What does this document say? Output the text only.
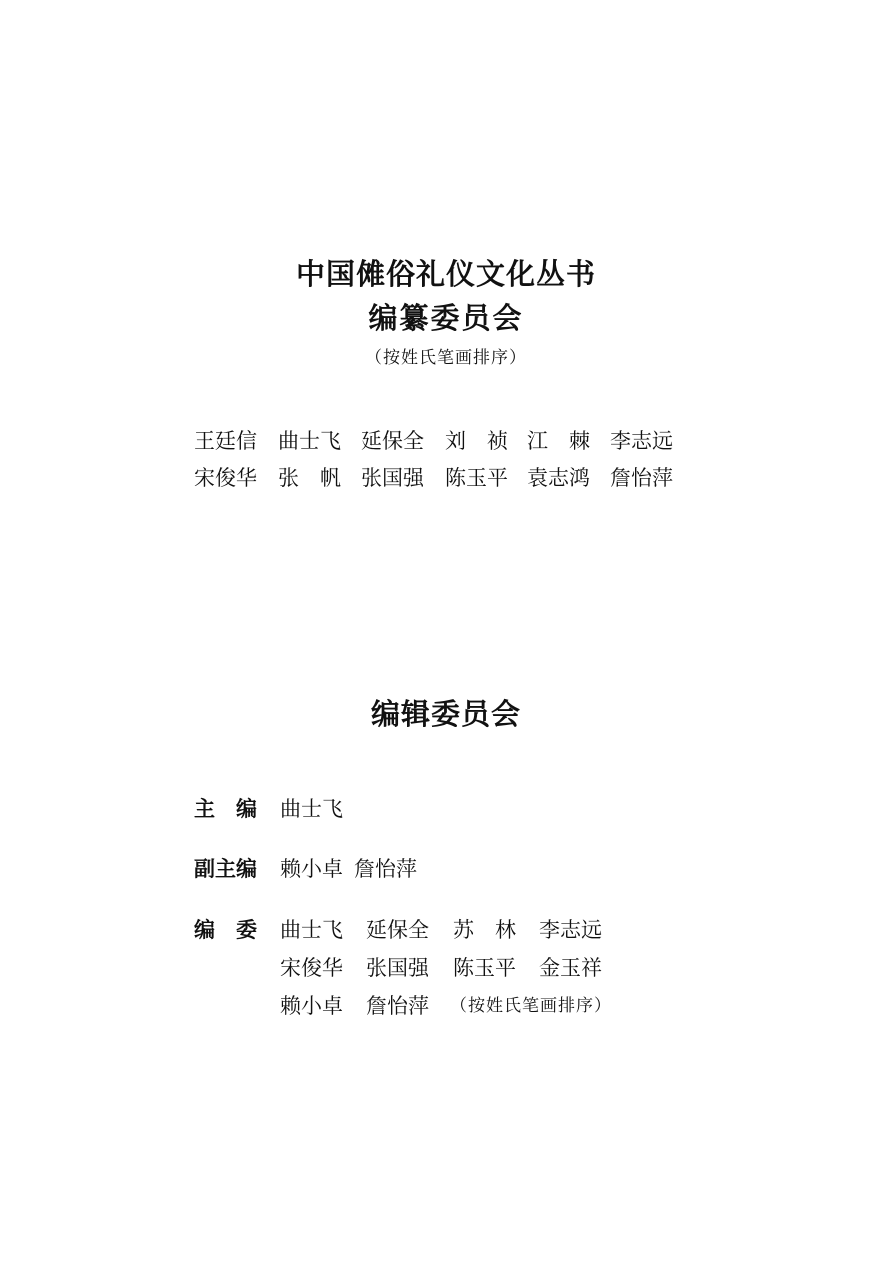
中国傩俗礼仪文化丛书
编纂委员会
（按姓氏笔画排序）
王廷信 曲士飞 延保全 刘　祯 江　棘 李志远
宋俊华 张　帆 张国强 陈玉平 袁志鸿 詹怡萍
编辑委员会
主　编 曲士飞
副主编 赖小卓 詹怡萍
编　委 曲士飞 延保全 苏　林 李志远
宋俊华 张国强 陈玉平 金玉祥
赖小卓 詹怡萍 （按姓氏笔画排序）
